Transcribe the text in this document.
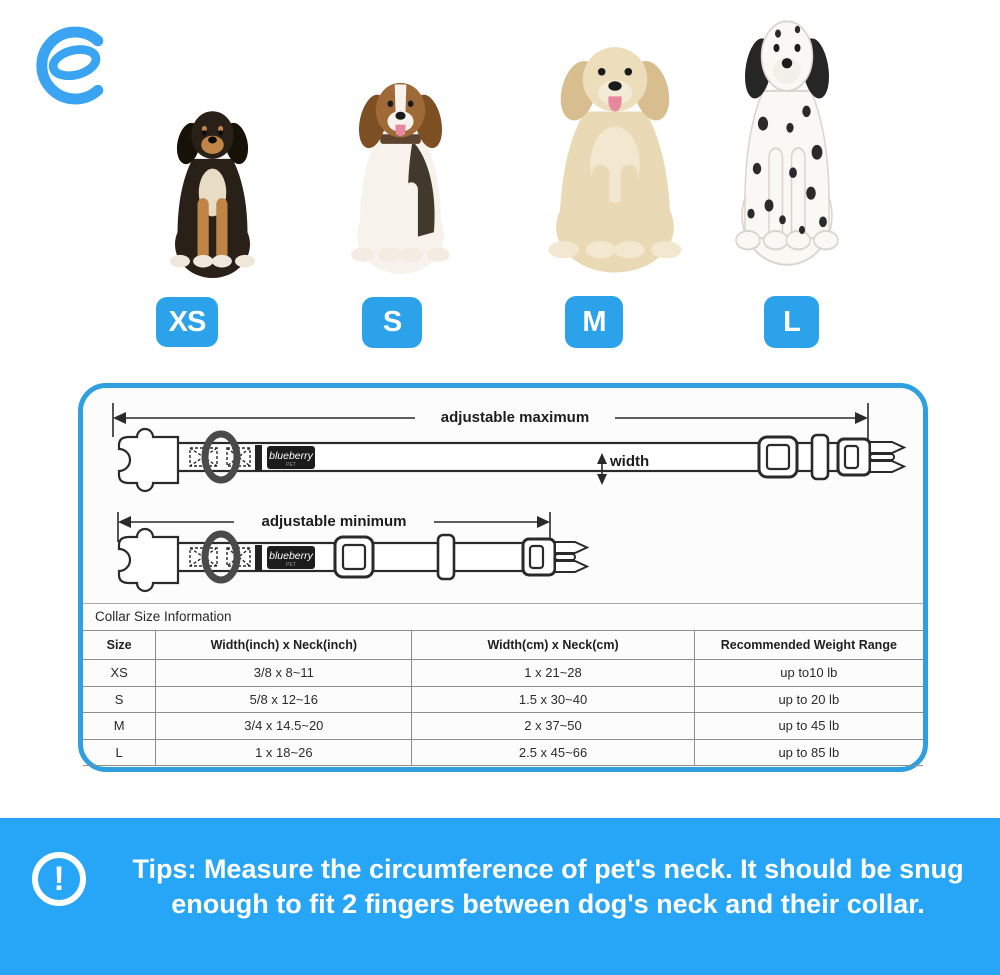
XS	S	M	L
blueberry
PET
adjustable maximum
width
blueberry
PET
adjustable minimum
Collar Size Information
Size	Width(inch) x Neck(inch)	Width(cm) x Neck(cm)	Recommended Weight Range
XS	3/8 x 8~11	1 x 21~28	up to10 lb
S	5/8 x 12~16	1.5 x 30~40	up to 20 lb
M	3/4 x 14.5~20	2 x 37~50	up to 45 lb
L	1 x 18~26	2.5 x 45~66	up to 85 lb
!	Tips: Measure the circumference of pet's neck. It should be snug enough to fit 2 fingers between dog's neck and their collar.
